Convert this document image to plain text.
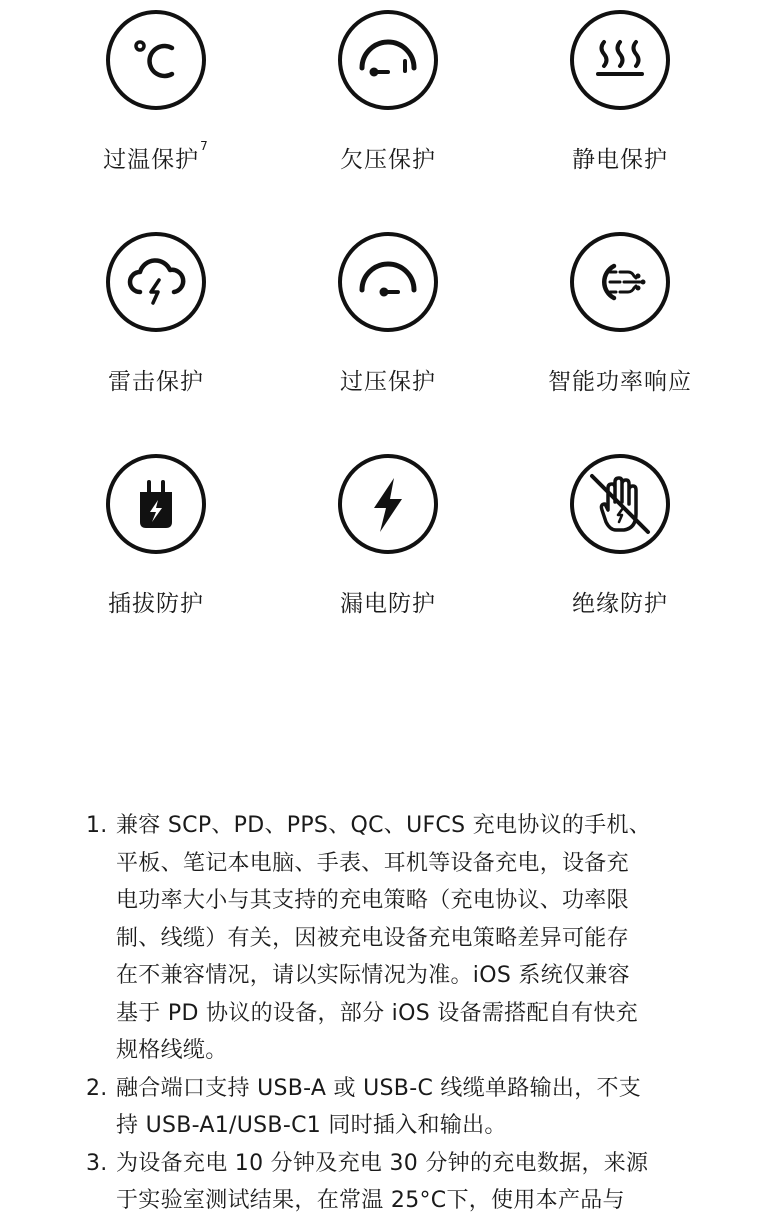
过温保护$^7$
欠压保护	静电保护
雷击保护	过压保护	智能功率响应
插拔防护	漏电防护	绝缘防护
1. 兼容 SCP、PD、PPS、QC、UFCS 充电协议的手机、
平板、笔记本电脑、手表、耳机等设备充电，设备充
电功率大小与其支持的充电策略（充电协议、功率限
制、线缆）有关，因被充电设备充电策略差异可能存
在不兼容情况，请以实际情况为准。iOS 系统仅兼容
基于 PD 协议的设备，部分 iOS 设备需搭配自有快充
规格线缆。
2. 融合端口支持 USB-A 或 USB-C 线缆单路输出，不支
持 USB-A1/USB-C1 同时插入和输出。
3. 为设备充电 10 分钟及充电 30 分钟的充电数据，来源
于实验室测试结果，在常温 25°C下，使用本产品与
